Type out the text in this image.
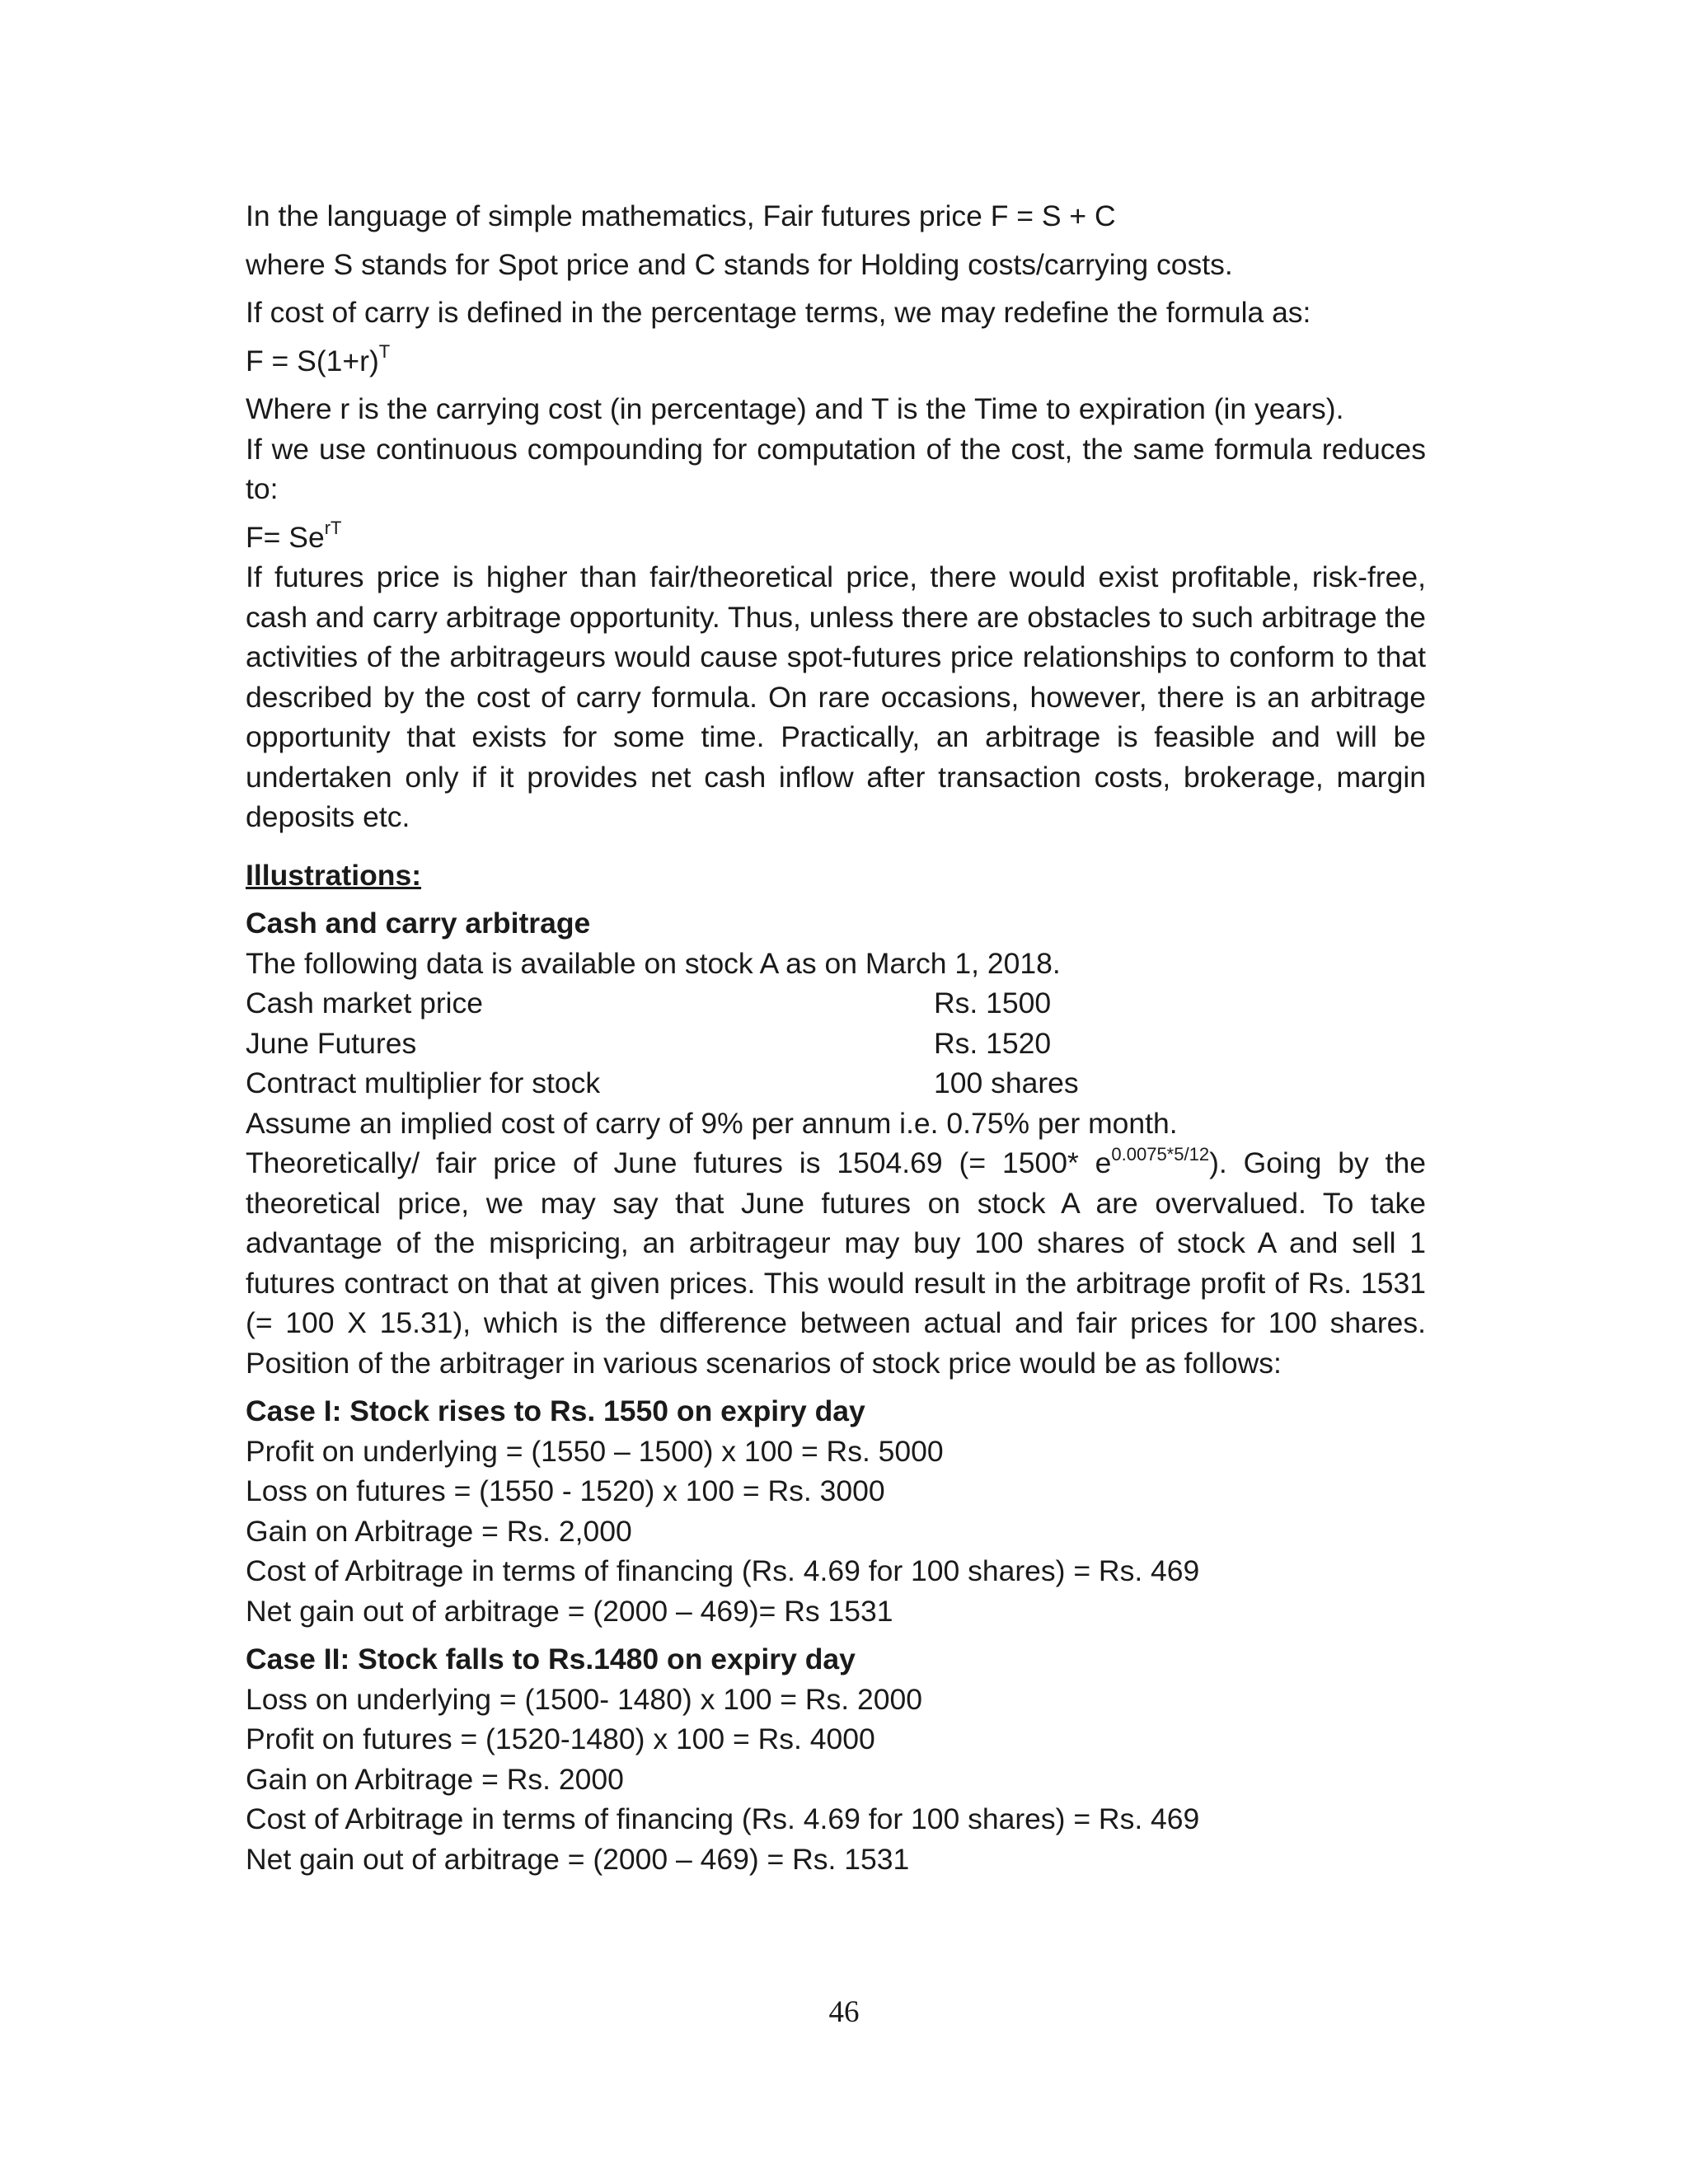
In the language of simple mathematics, Fair futures price F = S + C

where S stands for Spot price and C stands for Holding costs/carrying costs.

If cost of carry is defined in the percentage terms, we may redefine the formula as:

$F = S(1+r)^T$

Where r is the carrying cost (in percentage) and T is the Time to expiration (in years).

If we use continuous compounding for computation of the cost, the same formula reduces to:

$F= Se^{rT}$

If futures price is higher than fair/theoretical price, there would exist profitable, risk-free, cash and carry arbitrage opportunity. Thus, unless there are obstacles to such arbitrage the activities of the arbitrageurs would cause spot-futures price relationships to conform to that described by the cost of carry formula. On rare occasions, however, there is an arbitrage opportunity that exists for some time. Practically, an arbitrage is feasible and will be undertaken only if it provides net cash inflow after transaction costs, brokerage, margin deposits etc.

Illustrations:

Cash and carry arbitrage

The following data is available on stock A as on March 1, 2018.

Cash market price	Rs. 1500
June Futures	Rs. 1520
Contract multiplier for stock	100 shares

Assume an implied cost of carry of 9% per annum i.e. 0.75% per month.

Theoretically/ fair price of June futures is 1504.69 (= 1500* $e^{0.0075*5/12}$). Going by the theoretical price, we may say that June futures on stock A are overvalued. To take advantage of the mispricing, an arbitrageur may buy 100 shares of stock A and sell 1 futures contract on that at given prices. This would result in the arbitrage profit of Rs. 1531 (= 100 X 15.31), which is the difference between actual and fair prices for 100 shares. Position of the arbitrager in various scenarios of stock price would be as follows:

Case I: Stock rises to Rs. 1550 on expiry day

Profit on underlying = (1550 – 1500) x 100 = Rs. 5000

Loss on futures = (1550 - 1520) x 100 = Rs. 3000

Gain on Arbitrage = Rs. 2,000

Cost of Arbitrage in terms of financing (Rs. 4.69 for 100 shares) = Rs. 469

Net gain out of arbitrage = (2000 – 469)= Rs 1531

Case II: Stock falls to Rs.1480 on expiry day

Loss on underlying = (1500- 1480) x 100 = Rs. 2000

Profit on futures = (1520-1480) x 100 = Rs. 4000

Gain on Arbitrage = Rs. 2000

Cost of Arbitrage in terms of financing (Rs. 4.69 for 100 shares) = Rs. 469

Net gain out of arbitrage = (2000 – 469) = Rs. 1531

46
